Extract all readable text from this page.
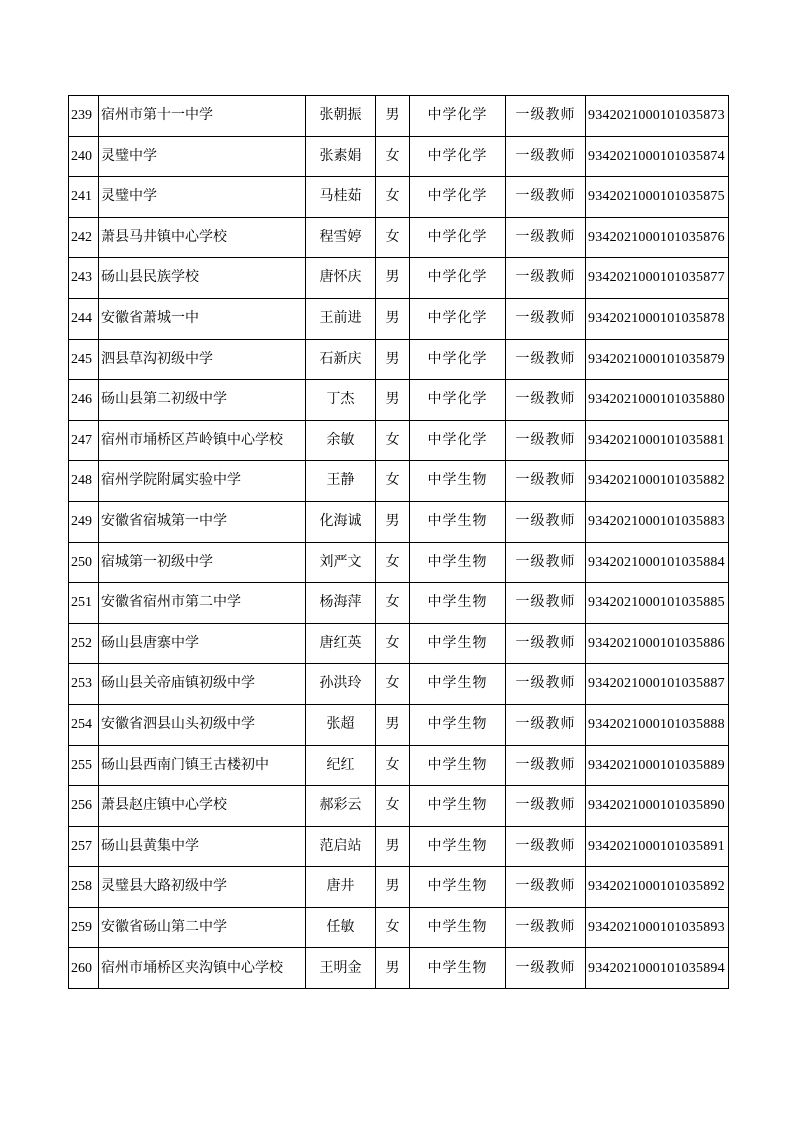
239	宿州市第十一中学	张朝振	男	中学化学	一级教师	9342021000101035873
240	灵璧中学	张素娟	女	中学化学	一级教师	9342021000101035874
241	灵璧中学	马桂茹	女	中学化学	一级教师	9342021000101035875
242	萧县马井镇中心学校	程雪婷	女	中学化学	一级教师	9342021000101035876
243	砀山县民族学校	唐怀庆	男	中学化学	一级教师	9342021000101035877
244	安徽省萧城一中	王前进	男	中学化学	一级教师	9342021000101035878
245	泗县草沟初级中学	石新庆	男	中学化学	一级教师	9342021000101035879
246	砀山县第二初级中学	丁杰	男	中学化学	一级教师	9342021000101035880
247	宿州市埇桥区芦岭镇中心学校	余敏	女	中学化学	一级教师	9342021000101035881
248	宿州学院附属实验中学	王静	女	中学生物	一级教师	9342021000101035882
249	安徽省宿城第一中学	化海诚	男	中学生物	一级教师	9342021000101035883
250	宿城第一初级中学	刘严文	女	中学生物	一级教师	9342021000101035884
251	安徽省宿州市第二中学	杨海萍	女	中学生物	一级教师	9342021000101035885
252	砀山县唐寨中学	唐红英	女	中学生物	一级教师	9342021000101035886
253	砀山县关帝庙镇初级中学	孙洪玲	女	中学生物	一级教师	9342021000101035887
254	安徽省泗县山头初级中学	张超	男	中学生物	一级教师	9342021000101035888
255	砀山县西南门镇王古楼初中	纪红	女	中学生物	一级教师	9342021000101035889
256	萧县赵庄镇中心学校	郝彩云	女	中学生物	一级教师	9342021000101035890
257	砀山县黄集中学	范启站	男	中学生物	一级教师	9342021000101035891
258	灵璧县大路初级中学	唐井	男	中学生物	一级教师	9342021000101035892
259	安徽省砀山第二中学	任敏	女	中学生物	一级教师	9342021000101035893
260	宿州市埇桥区夹沟镇中心学校	王明金	男	中学生物	一级教师	9342021000101035894
